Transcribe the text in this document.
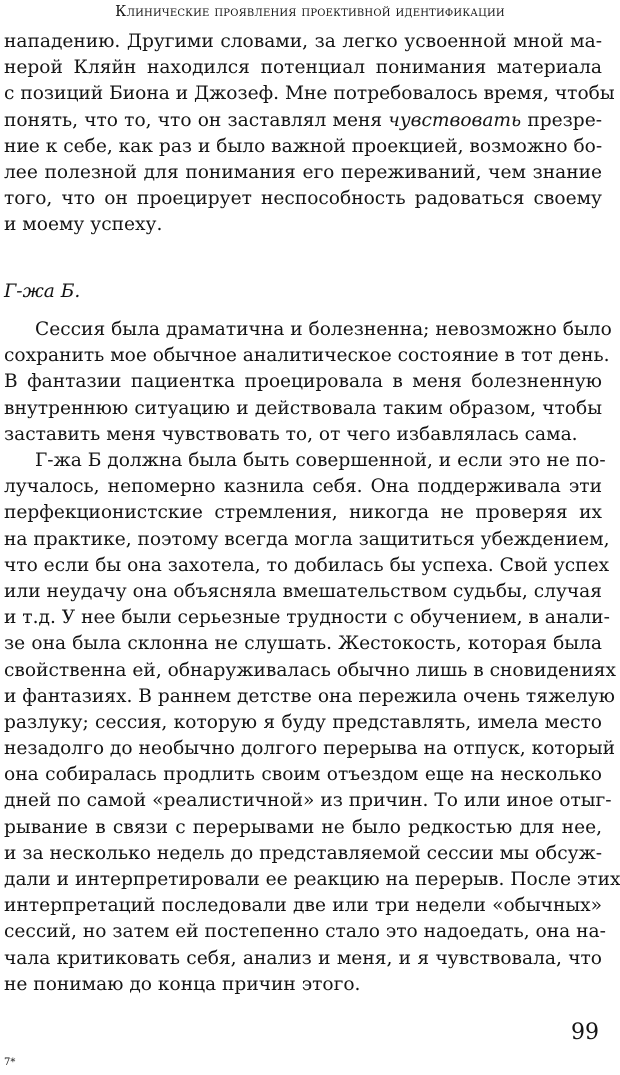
Клинические проявления проективной идентификации
нападению. Другими словами, за легко усвоенной мной ма-
нерой Кляйн находился потенциал понимания материала
с позиций Биона и Джозеф. Мне потребовалось время, чтобы
понять, что то, что он заставлял меня чувствовать презре-
ние к себе, как раз и было важной проекцией, возможно бо-
лее полезной для понимания его переживаний, чем знание
того, что он проецирует неспособность радоваться своему
и моему успеху.
Г-жа Б.
Сессия была драматична и болезненна; невозможно было
сохранить мое обычное аналитическое состояние в тот день.
В фантазии пациентка проецировала в меня болезненную
внутреннюю ситуацию и действовала таким образом, чтобы
заставить меня чувствовать то, от чего избавлялась сама.
Г-жа Б должна была быть совершенной, и если это не по-
лучалось, непомерно казнила себя. Она поддерживала эти
перфекционистские стремления, никогда не проверяя их
на практике, поэтому всегда могла защититься убеждением,
что если бы она захотела, то добилась бы успеха. Свой успех
или неудачу она объясняла вмешательством судьбы, случая
и т.д. У нее были серьезные трудности с обучением, в анали-
зе она была склонна не слушать. Жестокость, которая была
свойственна ей, обнаруживалась обычно лишь в сновидениях
и фантазиях. В раннем детстве она пережила очень тяжелую
разлуку; сессия, которую я буду представлять, имела место
незадолго до необычно долгого перерыва на отпуск, который
она собиралась продлить своим отъездом еще на несколько
дней по самой «реалистичной» из причин. То или иное отыг-
рывание в связи с перерывами не было редкостью для нее,
и за несколько недель до представляемой сессии мы обсуж-
дали и интерпретировали ее реакцию на перерыв. После этих
интерпретаций последовали две или три недели «обычных»
сессий, но затем ей постепенно стало это надоедать, она на-
чала критиковать себя, анализ и меня, и я чувствовала, что
не понимаю до конца причин этого.
99
7*
